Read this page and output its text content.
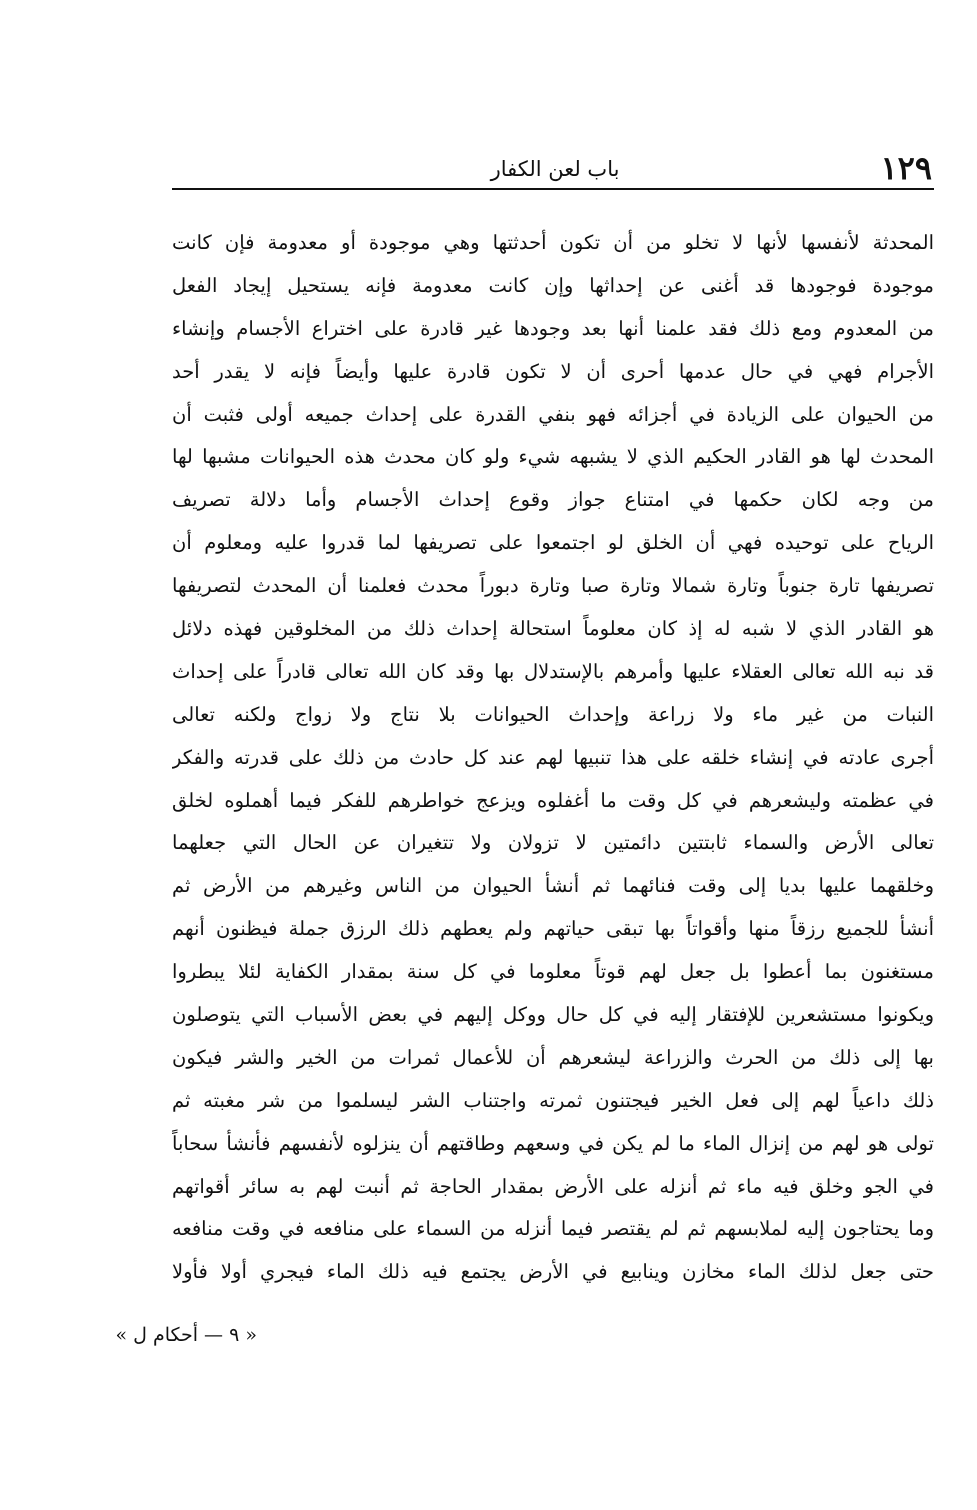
١٢٩
باب لعن الكفار
المحدثة لأنفسها لأنها لا تخلو من أن تكون أحدثتها وهي موجودة أو معدومة فإن كانت
موجودة فوجودها قد أغنى عن إحداثها وإن كانت معدومة فإنه يستحيل إيجاد الفعل
من المعدوم ومع ذلك فقد علمنا أنها بعد وجودها غير قادرة على اختراع الأجسام وإنشاء
الأجرام فهي في حال عدمها أحرى أن لا تكون قادرة عليها وأيضاً فإنه لا يقدر أحد
من الحيوان على الزيادة في أجزائه فهو بنفي القدرة على إحداث جميعه أولى فثبت أن
المحدث لها هو القادر الحكيم الذي لا يشبهه شيء ولو كان محدث هذه الحيوانات مشبها لها
من وجه لكان حكمها في امتناع جواز وقوع إحداث الأجسام وأما دلالة تصريف
الرياح على توحيده فهي أن الخلق لو اجتمعوا على تصريفها لما قدروا عليه ومعلوم أن
تصريفها تارة جنوباً وتارة شمالا وتارة صبا وتارة دبوراً محدث فعلمنا أن المحدث لتصريفها
هو القادر الذي لا شبه له إذ كان معلوماً استحالة إحداث ذلك من المخلوقين فهذه دلائل
قد نبه الله تعالى العقلاء عليها وأمرهم بالإستدلال بها وقد كان الله تعالى قادراً على إحداث
النبات من غير ماء ولا زراعة وإحداث الحيوانات بلا نتاج ولا زواج ولكنه تعالى
أجرى عادته في إنشاء خلقه على هذا تنبيها لهم عند كل حادث من ذلك على قدرته والفكر
في عظمته وليشعرهم في كل وقت ما أغفلوه ويزعج خواطرهم للفكر فيما أهملوه لخلق
تعالى الأرض والسماء ثابتتين دائمتين لا تزولان ولا تتغيران عن الحال التي جعلهما
وخلقهما عليها بديا إلى وقت فنائهما ثم أنشأ الحيوان من الناس وغيرهم من الأرض ثم
أنشأ للجميع رزقاً منها وأقواتاً بها تبقى حياتهم ولم يعطهم ذلك الرزق جملة فيظنون أنهم
مستغنون بما أعطوا بل جعل لهم قوتاً معلوما في كل سنة بمقدار الكفاية لئلا يبطروا
ويكونوا مستشعرين للإفتقار إليه في كل حال ووكل إليهم في بعض الأسباب التي يتوصلون
بها إلى ذلك من الحرث والزراعة ليشعرهم أن للأعمال ثمرات من الخير والشر فيكون
ذلك داعياً لهم إلى فعل الخير فيجتنون ثمرته واجتناب الشر ليسلموا من شر مغبته ثم
تولى هو لهم من إنزال الماء ما لم يكن في وسعهم وطاقتهم أن ينزلوه لأنفسهم فأنشأ سحاباً
في الجو وخلق فيه ماء ثم أنزله على الأرض بمقدار الحاجة ثم أنبت لهم به سائر أقواتهم
وما يحتاجون إليه لملابسهم ثم لم يقتصر فيما أنزله من السماء على منافعه في وقت منافعه
حتى جعل لذلك الماء مخازن وينابيع في الأرض يجتمع فيه ذلك الماء فيجري أولا فأولا
« ٩ — أحكام ل »
